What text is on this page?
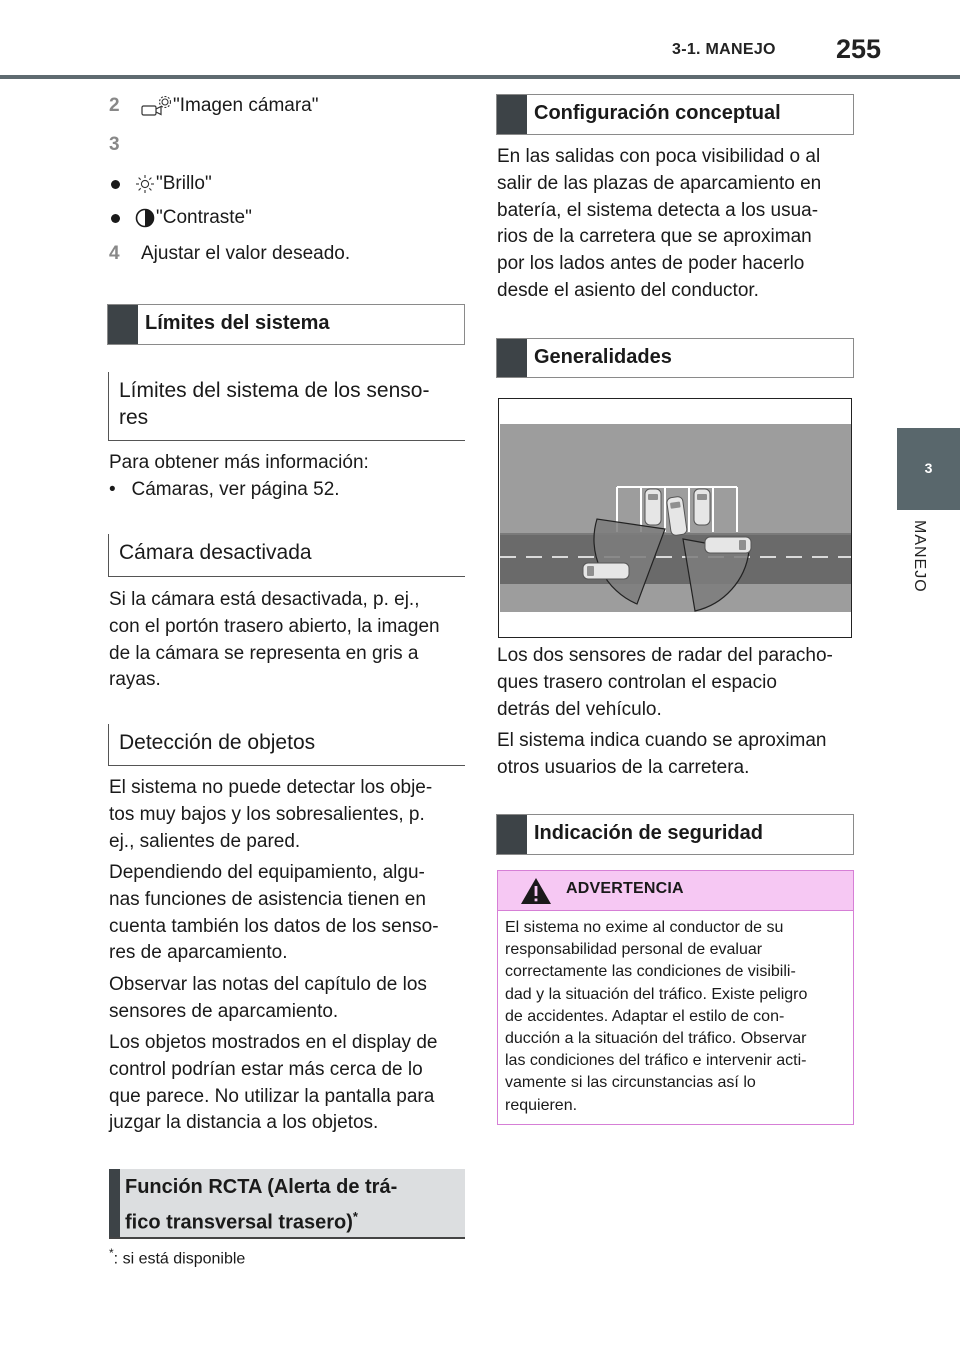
3-1. MANEJO 255
3
MANEJO
2	"Imagen cámara"
3
"Brillo"
"Contraste"
4	Ajustar el valor deseado.
Límites del sistema
Límites del sistema de los senso-
res
Para obtener más información:
•   Cámaras, ver página 52.
Cámara desactivada
Si la cámara está desactivada, p. ej.,
con el portón trasero abierto, la imagen
de la cámara se representa en gris a
rayas.
Detección de objetos
El sistema no puede detectar los obje-
tos muy bajos y los sobresalientes, p.
ej., salientes de pared.
Dependiendo del equipamiento, algu-
nas funciones de asistencia tienen en
cuenta también los datos de los senso-
res de aparcamiento.
Observar las notas del capítulo de los
sensores de aparcamiento.
Los objetos mostrados en el display de
control podrían estar más cerca de lo
que parece. No utilizar la pantalla para
juzgar la distancia a los objetos.
Función RCTA (Alerta de trá-
fico transversal trasero)*
*: si está disponible
Configuración conceptual
En las salidas con poca visibilidad o al
salir de las plazas de aparcamiento en
batería, el sistema detecta a los usua-
rios de la carretera que se aproximan
por los lados antes de poder hacerlo
desde el asiento del conductor.
Generalidades
Los dos sensores de radar del paracho-
ques trasero controlan el espacio
detrás del vehículo.
El sistema indica cuando se aproximan
otros usuarios de la carretera.
Indicación de seguridad
ADVERTENCIA
El sistema no exime al conductor de su
responsabilidad personal de evaluar
correctamente las condiciones de visibili-
dad y la situación del tráfico. Existe peligro
de accidentes. Adaptar el estilo de con-
ducción a la situación del tráfico. Observar
las condiciones del tráfico e intervenir acti-
vamente si las circunstancias así lo
requieren.
